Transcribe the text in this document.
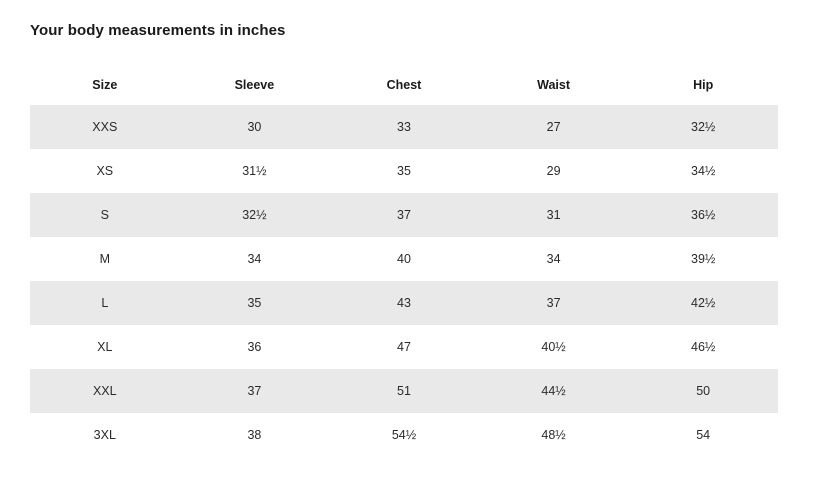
Your body measurements in inches
Size	Sleeve	Chest	Waist	Hip
XXS	30	33	27	32½
XS	31½	35	29	34½
S	32½	37	31	36½
M	34	40	34	39½
L	35	43	37	42½
XL	36	47	40½	46½
XXL	37	51	44½	50
3XL	38	54½	48½	54
